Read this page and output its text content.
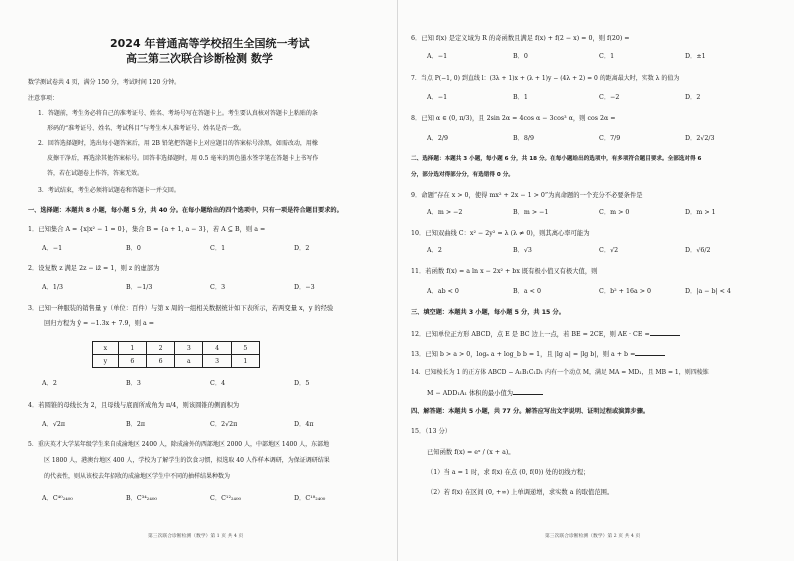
2024 年普通高等学校招生全国统一考试
高三第三次联合诊断检测 数学
数学测试卷共 4 页，满分 150 分，考试时间 120 分钟。
注意事项：
1．答题前，考生务必将自己的准考证号、姓名、考场号写在答题卡上。考生要认真核对答题卡上粘贴的条
形码的“准考证号、姓名、考试科目”与考生本人准考证号、姓名是否一致。
2．回答选择题时，选出每小题答案后，用 2B 铅笔把答题卡上对应题目的答案标号涂黑，如需改动，用橡
皮擦干净后，再选涂其他答案标号。回答非选择题时，用 0.5 毫米的黑色墨水签字笔在答题卡上书写作
答，若在试题卷上作答，答案无效。
3．考试结束，考生必须将试题卷和答题卡一并交回。
一、选择题：本题共 8 小题，每小题 5 分，共 40 分。在每小题给出的四个选项中，只有一项是符合题目要求的。
1．已知集合 A = {x|x² − 1 = 0}，集合 B = {a + 1, a − 3}，若 A ⊆ B，则 a =
A．−1	B．0	C．1	D．2
2．设复数 z 满足 2z − iz̄ = 1，则 z 的虚部为
A．1/3	B．−1/3	C．3	D．−3
3．已知一种服装的销售量 y（单位：百件）与第 x 周的一组相关数据统计如下表所示，若两变量 x，y 的经验
回归方程为 ŷ = −1.3x + 7.9，则 a =
x	1	2	3	4	5
y	6	6	a	3	1
A．2	B．3	C．4	D．5
4．若圆锥的母线长为 2，且母线与底面所成角为 π/4，则该圆锥的侧面积为
A．√2π	B．2π	C．2√2π	D．4π
5．重庆英才大学某年级学生来自成渝地区 2400 人，除成渝外的西部地区 2000 人，中部地区 1400 人，东部地
区 1800 人，港澳台地区 400 人，学校为了解学生的饮食习惯，拟选取 40 人作样本调研，为保证调研结果
的代表性，则从该校去年招收的成渝地区学生中不同的抽样结果种数为
A．C⁴⁰₂₄₀₀	B．C³⁴₂₄₀₀	C．C¹²₂₄₀₀	D．C¹⁸₂₄₀₀
第三次联合诊断检测（数学）第 1 页 共 4 页
6．已知 f(x) 是定义域为 R 的奇函数且满足 f(x) + f(2 − x) = 0，则 f(20) =
A．−1	B．0	C．1	D．±1
7．当点 P(−1, 0) 到直线 l：(3λ + 1)x + (λ + 1)y − (4λ + 2) = 0 的距离最大时，实数 λ 的值为
A．−1	B．1	C．−2	D．2
8．已知 α ∈ (0, π/3)，且 2sin 2α = 4cos α − 3cos³ α，则 cos 2α =
A．2/9	B．8/9	C．7/9	D．2√2/3
二、选择题：本题共 3 小题，每小题 6 分，共 18 分。在每小题给出的选项中，有多项符合题目要求。全部选对得 6
分，部分选对得部分分，有选错得 0 分。
9．命题“存在 x > 0，使得 mx² + 2x − 1 > 0”为真命题的一个充分不必要条件是
A．m > −2	B．m > −1	C．m > 0	D．m > 1
10．已知双曲线 C：x² − 2y² = λ (λ ≠ 0)，则其离心率可能为
A．2	B．√3	C．√2	D．√6/2
11．若函数 f(x) = a ln x − 2x² + bx 既有极小值又有极大值，则
A．ab < 0	B．a < 0	C．b² + 16a > 0	D．|a − b| < 4
三、填空题：本题共 3 小题，每小题 5 分，共 15 分。
12．已知单位正方形 ABCD，点 E 是 BC 边上一点，若 BE = 2CE，则 AE · CE =
13．已知 b > a > 0，logₐ a + log_b b = 1，且 |lg a| = |lg b|，则 a + b =
14．已知棱长为 1 的正方体 ABCD − A₁B₁C₁D₁ 内有一个动点 M，满足 MA = MD₁，且 MB = 1，则四棱锥
M − ADD₁A₁ 体积的最小值为
四、解答题：本题共 5 小题，共 77 分。解答应写出文字说明、证明过程或演算步骤。
15．（13 分）
已知函数 f(x) = eˣ / (x + a)。
（1）当 a = 1 时，求 f(x) 在点 (0, f(0)) 处的切线方程；
（2）若 f(x) 在区间 (0, +∞) 上单调递增，求实数 a 的取值范围。
第三次联合诊断检测（数学）第 2 页 共 4 页
